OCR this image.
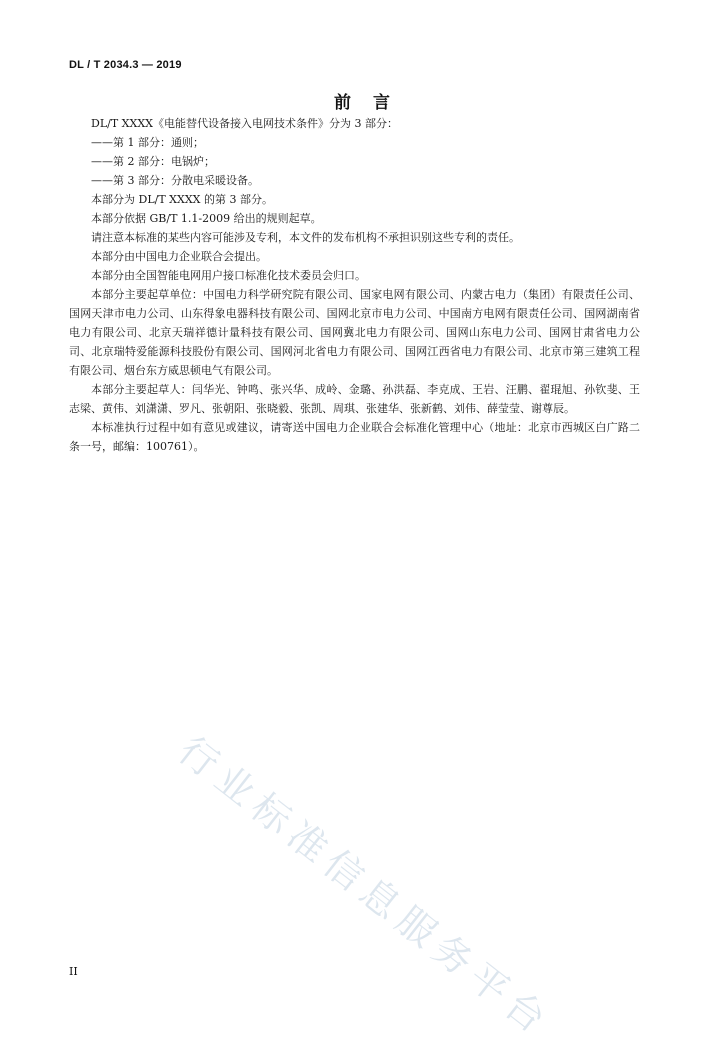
DL / T 2034.3 — 2019
前言

DL/T XXXX《电能替代设备接入电网技术条件》分为 3 部分：

——第 1 部分：通则；

——第 2 部分：电锅炉；

——第 3 部分：分散电采暖设备。

本部分为 DL/T XXXX 的第 3 部分。

本部分依据 GB/T 1.1-2009 给出的规则起草。

请注意本标准的某些内容可能涉及专利，本文件的发布机构不承担识别这些专利的责任。

本部分由中国电力企业联合会提出。

本部分由全国智能电网用户接口标准化技术委员会归口。

本部分主要起草单位：中国电力科学研究院有限公司、国家电网有限公司、内蒙古电力（集团）有限责任公司、国网天津市电力公司、山东得象电器科技有限公司、国网北京市电力公司、中国南方电网有限责任公司、国网湖南省电力有限公司、北京天瑞祥德计量科技有限公司、国网冀北电力有限公司、国网山东电力公司、国网甘肃省电力公司、北京瑞特爱能源科技股份有限公司、国网河北省电力有限公司、国网江西省电力有限公司、北京市第三建筑工程有限公司、烟台东方威思顿电气有限公司。

本部分主要起草人：闫华光、钟鸣、张兴华、成岭、金璐、孙洪磊、李克成、王岩、汪鹏、翟琨旭、孙钦斐、王志梁、黄伟、刘潇潇、罗凡、张朝阳、张晓毅、张凯、周琪、张建华、张新鹤、刘伟、薛莹莹、谢尊辰。

本标准执行过程中如有意见或建议，请寄送中国电力企业联合会标准化管理中心（地址：北京市西城区白广路二条一号，邮编：100761）。

行业标准信息服务平台
II
